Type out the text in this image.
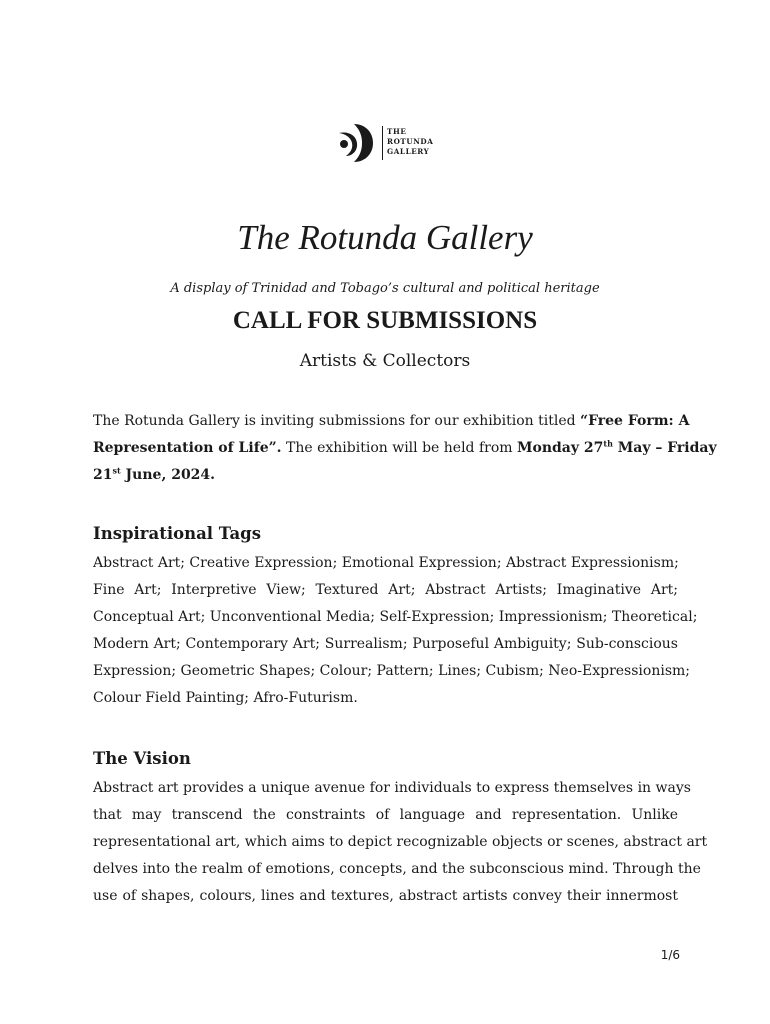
THE
ROTUNDA
GALLERY
The Rotunda Gallery
A display of Trinidad and Tobago’s cultural and political heritage
CALL FOR SUBMISSIONS
Artists & Collectors
The Rotunda Gallery is inviting submissions for our exhibition titled “Free Form: A
Representation of Life”. The exhibition will be held from Monday 27th May – Friday
21st June, 2024.
Inspirational Tags
Abstract Art; Creative Expression; Emotional Expression; Abstract Expressionism;
Fine Art; Interpretive View; Textured Art; Abstract Artists; Imaginative Art;
Conceptual Art; Unconventional Media; Self-Expression; Impressionism; Theoretical;
Modern Art; Contemporary Art; Surrealism; Purposeful Ambiguity; Sub-conscious
Expression; Geometric Shapes; Colour; Pattern; Lines; Cubism; Neo-Expressionism;
Colour Field Painting; Afro-Futurism.
The Vision
Abstract art provides a unique avenue for individuals to express themselves in ways
that may transcend the constraints of language and representation. Unlike
representational art, which aims to depict recognizable objects or scenes, abstract art
delves into the realm of emotions, concepts, and the subconscious mind. Through the
use of shapes, colours, lines and textures, abstract artists convey their innermost
1/6
